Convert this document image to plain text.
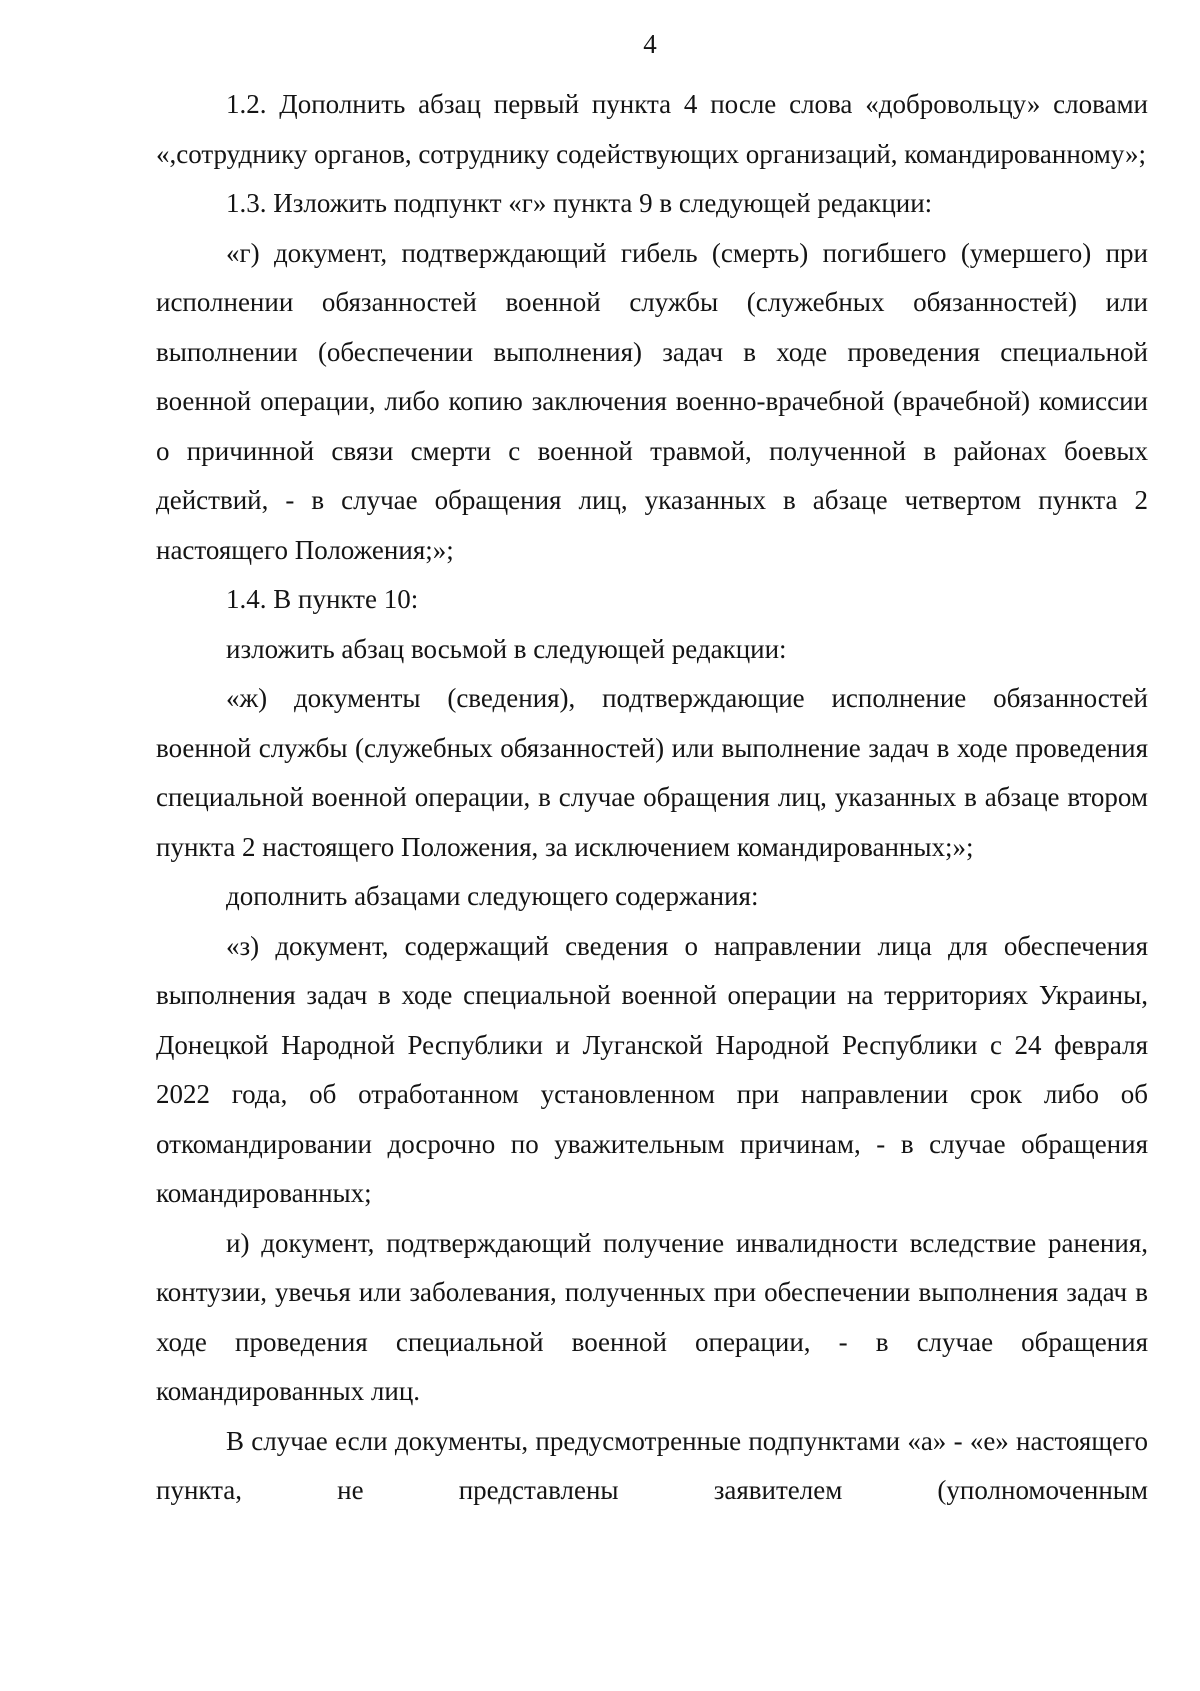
4

1.2. Дополнить абзац первый пункта 4 после слова «добровольцу» словами «,сотруднику органов, сотруднику содействующих организаций, командированному»;

1.3. Изложить подпункт «г» пункта 9 в следующей редакции:

«г) документ, подтверждающий гибель (смерть) погибшего (умершего) при исполнении обязанностей военной службы (служебных обязанностей) или выполнении (обеспечении выполнения) задач в ходе проведения специальной военной операции, либо копию заключения военно-врачебной (врачебной) комиссии о причинной связи смерти с военной травмой, полученной в районах боевых действий, - в случае обращения лиц, указанных в абзаце четвертом пункта 2 настоящего Положения;»;

1.4. В пункте 10:

изложить абзац восьмой в следующей редакции:

«ж) документы (сведения), подтверждающие исполнение обязанностей военной службы (служебных обязанностей) или выполнение задач в ходе проведения специальной военной операции, в случае обращения лиц, указанных в абзаце втором пункта 2 настоящего Положения, за исключением командированных;»;

дополнить абзацами следующего содержания:

«з) документ, содержащий сведения о направлении лица для обеспечения выполнения задач в ходе специальной военной операции на территориях Украины, Донецкой Народной Республики и Луганской Народной Республики с 24 февраля 2022 года, об отработанном установленном при направлении срок либо об откомандировании досрочно по уважительным причинам, - в случае обращения командированных;

и) документ, подтверждающий получение инвалидности вследствие ранения, контузии, увечья или заболевания, полученных при обеспечении выполнения задач в ходе проведения специальной военной операции, - в случае обращения командированных лиц.

В случае если документы, предусмотренные подпунктами «а» - «е» настоящего пункта, не представлены заявителем (уполномоченным
